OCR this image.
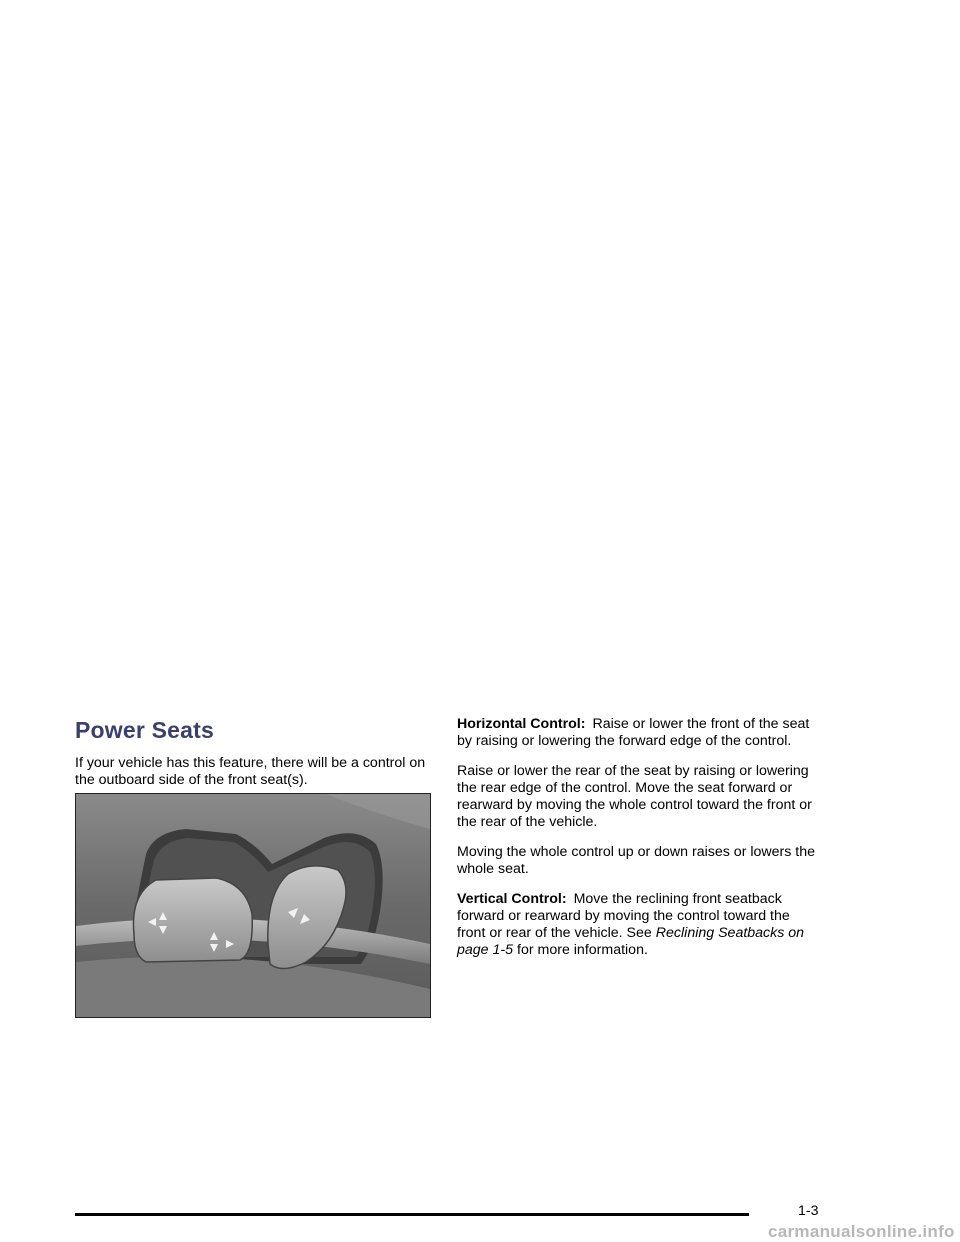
Power Seats

If your vehicle has this feature, there will be a control on the outboard side of the front seat(s).

Horizontal Control: Raise or lower the front of the seat by raising or lowering the forward edge of the control.

Raise or lower the rear of the seat by raising or lowering the rear edge of the control. Move the seat forward or rearward by moving the whole control toward the front or the rear of the vehicle.

Moving the whole control up or down raises or lowers the whole seat.

Vertical Control: Move the reclining front seatback forward or rearward by moving the control toward the front or rear of the vehicle. See Reclining Seatbacks on page 1-5 for more information.

1-3
carmanualsonline.info
